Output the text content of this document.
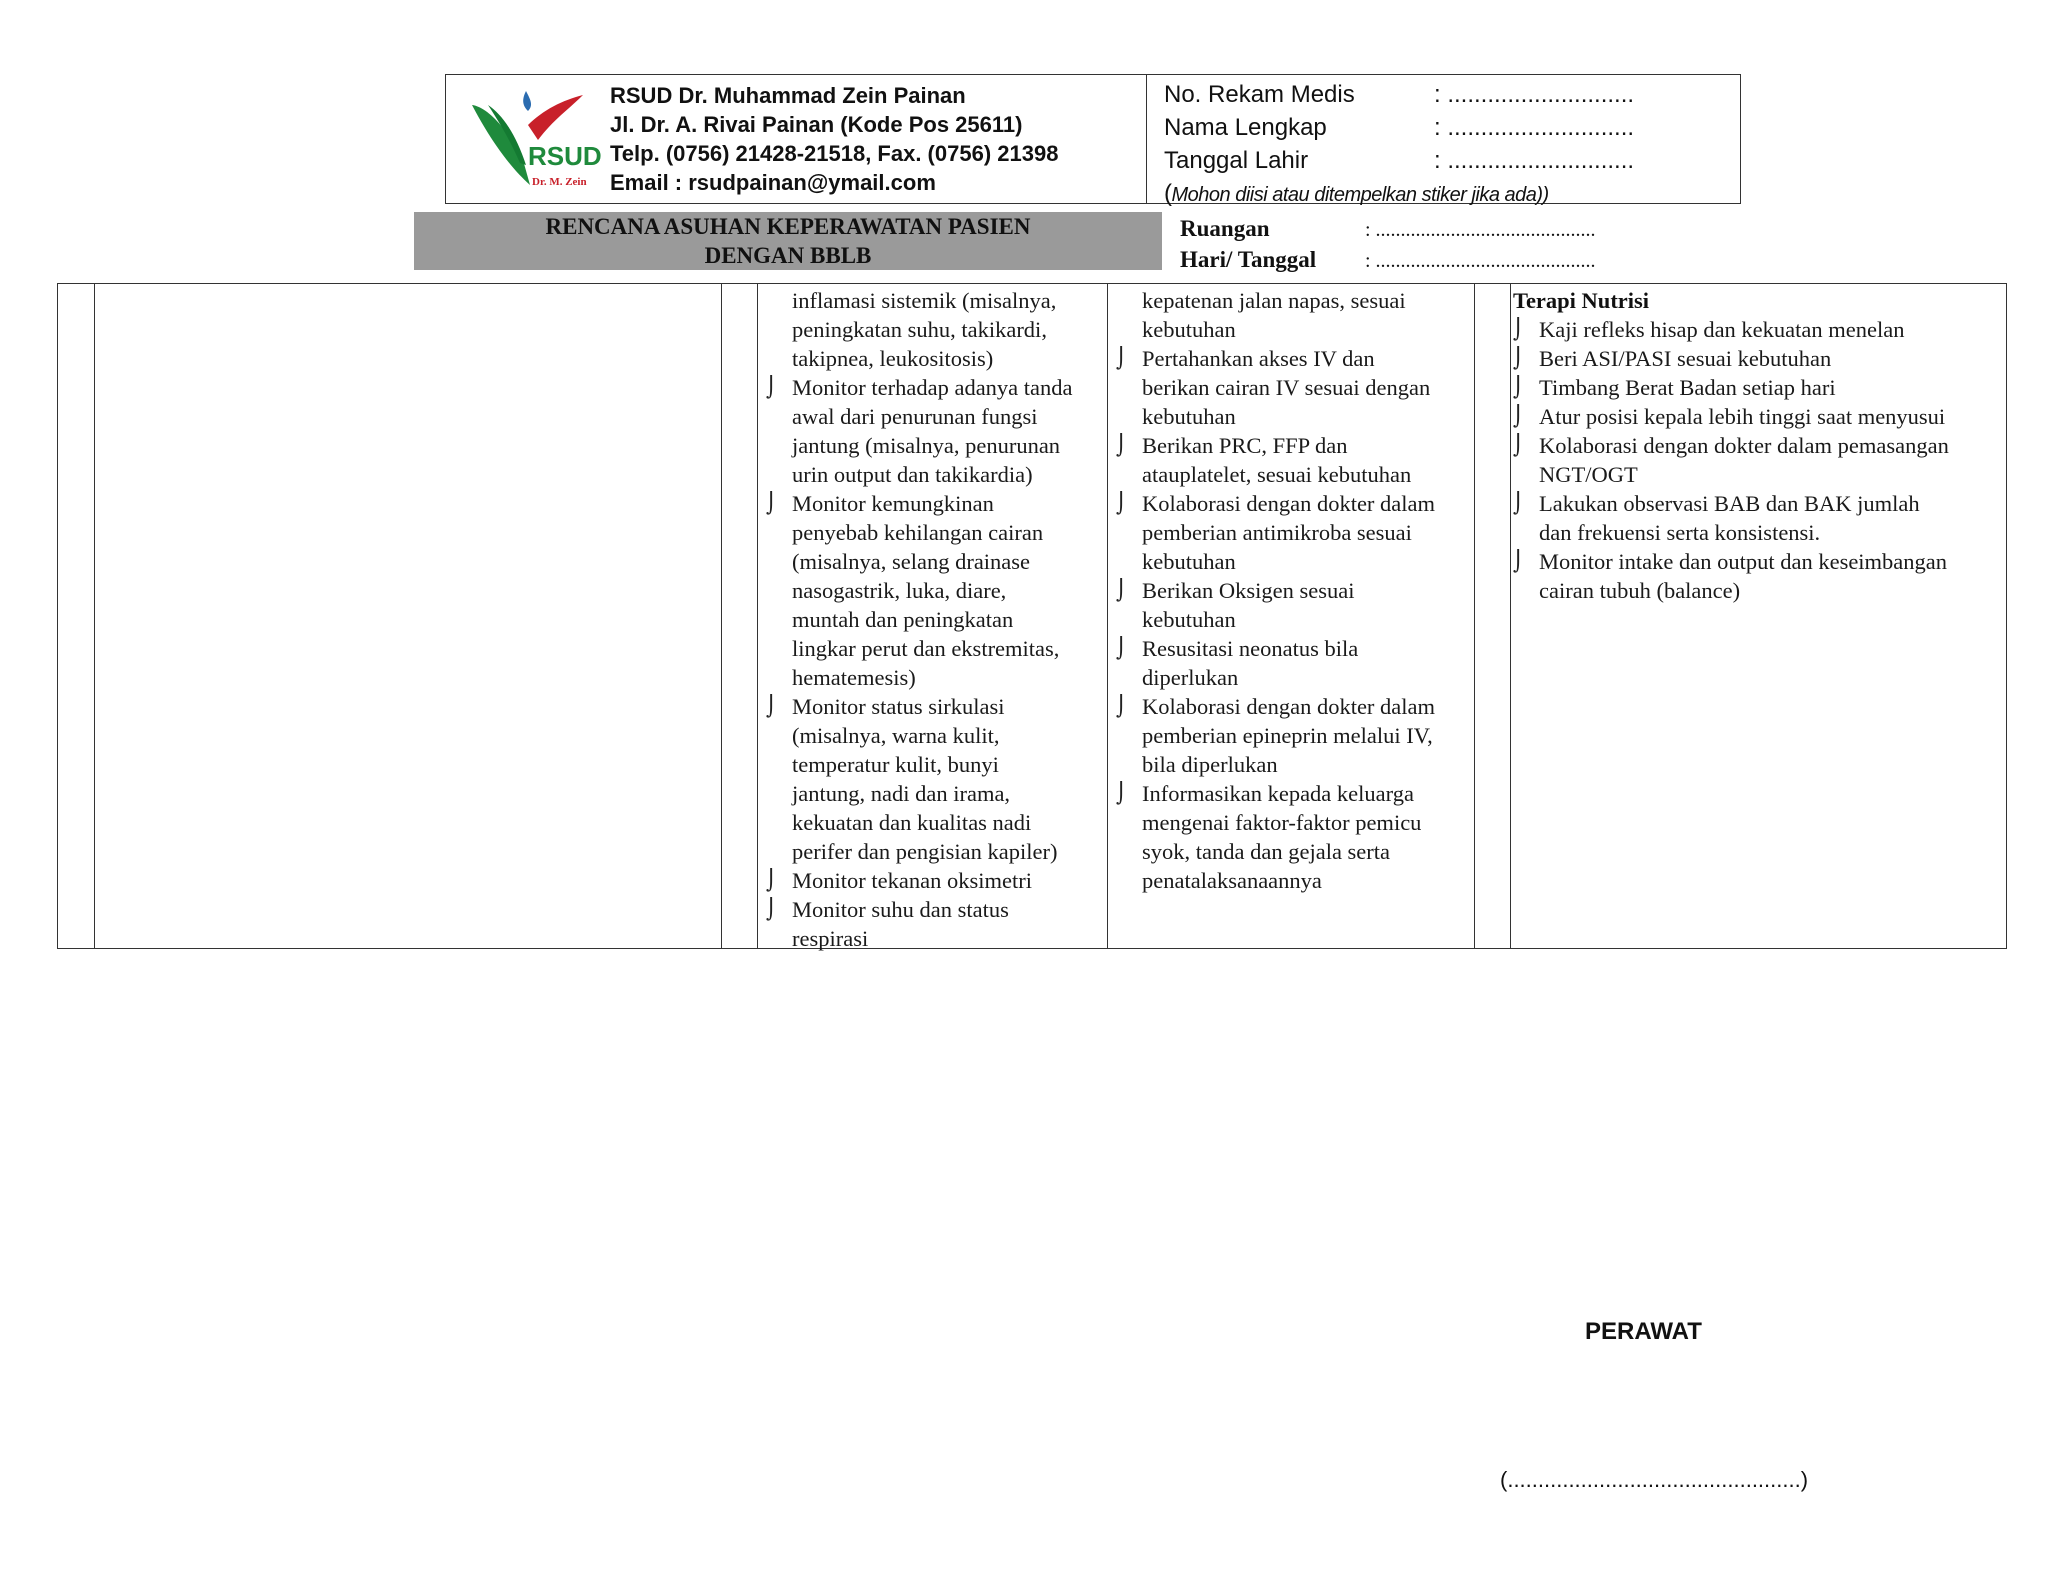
RSUD
Dr. M. Zein
RSUD Dr. Muhammad Zein Painan
Jl. Dr. A. Rivai Painan (Kode Pos 25611)
Telp. (0756) 21428-21518, Fax. (0756) 21398
Email : rsudpainan@ymail.com
No. Rekam Medis	: ............................
Nama Lengkap	: ............................
Tanggal Lahir	: ............................
(Mohon diisi atau ditempelkan stiker jika ada))
RENCANA ASUHAN KEPERAWATAN PASIEN
DENGAN BBLB
Ruangan	: ............................................
Hari/ Tanggal : ............................................
inflamasi sistemik (misalnya,
peningkatan suhu, takikardi,
takipnea, leukositosis)
⌡ Monitor terhadap adanya tanda
awal dari penurunan fungsi
jantung (misalnya, penurunan
urin output dan takikardia)
⌡ Monitor kemungkinan
penyebab kehilangan cairan
(misalnya, selang drainase
nasogastrik, luka, diare,
muntah dan peningkatan
lingkar perut dan ekstremitas,
hematemesis)
⌡ Monitor status sirkulasi
(misalnya, warna kulit,
temperatur kulit, bunyi
jantung, nadi dan irama,
kekuatan dan kualitas nadi
perifer dan pengisian kapiler)
⌡ Monitor tekanan oksimetri
⌡ Monitor suhu dan status
respirasi
kepatenan jalan napas, sesuai
kebutuhan
⌡ Pertahankan akses IV dan
berikan cairan IV sesuai dengan
kebutuhan
⌡ Berikan PRC, FFP dan
atauplatelet, sesuai kebutuhan
⌡ Kolaborasi dengan dokter dalam
pemberian antimikroba sesuai
kebutuhan
⌡ Berikan Oksigen sesuai
kebutuhan
⌡ Resusitasi neonatus bila
diperlukan
⌡ Kolaborasi dengan dokter dalam
pemberian epineprin melalui IV,
bila diperlukan
⌡ Informasikan kepada keluarga
mengenai faktor-faktor pemicu
syok, tanda dan gejala serta
penatalaksanaannya
Terapi Nutrisi
⌡ Kaji refleks hisap dan kekuatan menelan
⌡ Beri ASI/PASI sesuai kebutuhan
⌡ Timbang Berat Badan setiap hari
⌡ Atur posisi kepala lebih tinggi saat menyusui
⌡ Kolaborasi dengan dokter dalam pemasangan
NGT/OGT
⌡ Lakukan observasi BAB dan BAK jumlah
dan frekuensi serta konsistensi.
⌡ Monitor intake dan output dan keseimbangan
cairan tubuh (balance)
PERAWAT
(................................................)
